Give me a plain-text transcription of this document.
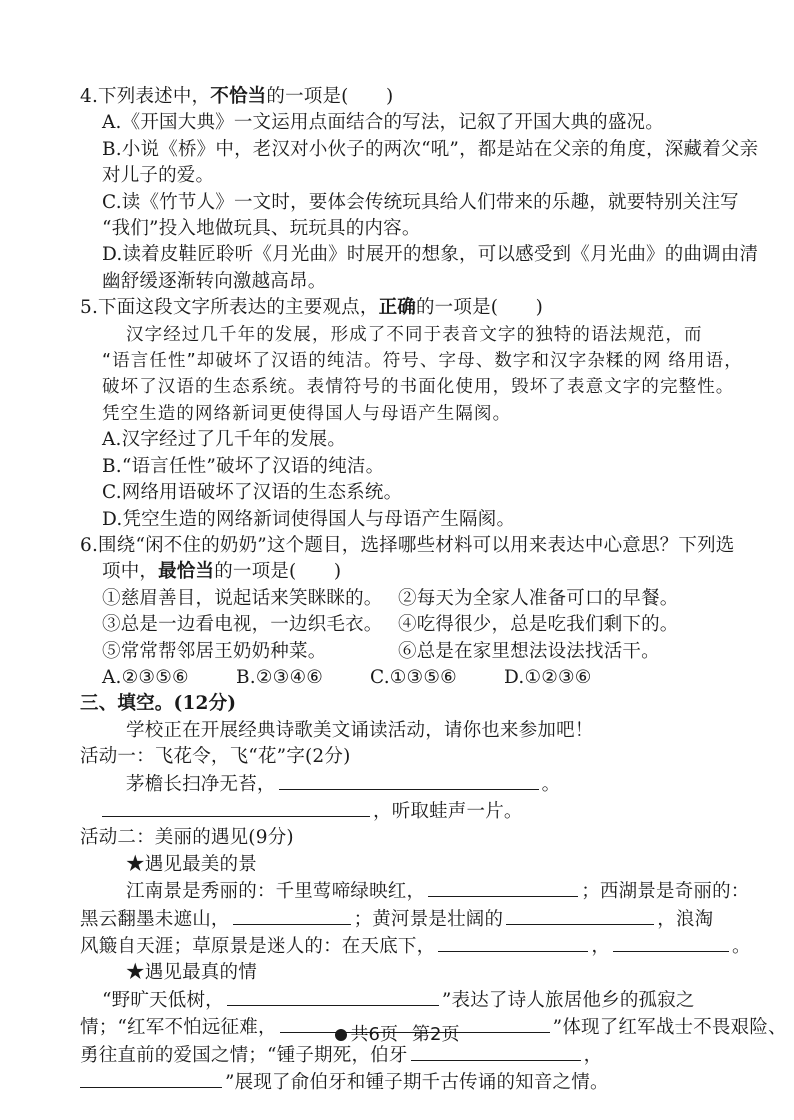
4.下列表述中，不恰当的一项是(　　)
A.《开国大典》一文运用点面结合的写法，记叙了开国大典的盛况。
B.小说《桥》中，老汉对小伙子的两次“吼”，都是站在父亲的角度，深藏着父亲
对儿子的爱。
C.读《竹节人》一文时，要体会传统玩具给人们带来的乐趣，就要特别关注写
“我们”投入地做玩具、玩玩具的内容。
D.读着皮鞋匠聆听《月光曲》时展开的想象，可以感受到《月光曲》的曲调由清
幽舒缓逐渐转向激越高昂。
5.下面这段文字所表达的主要观点，正确的一项是(　　)
汉字经过几千年的发展，形成了不同于表音文字的独特的语法规范，而
“语言任性”却破坏了汉语的纯洁。符号、字母、数字和汉字杂糅的网 络用语，
破坏了汉语的生态系统。表情符号的书面化使用，毁坏了表意文字的完整性。
凭空生造的网络新词更使得国人与母语产生隔阂。
A.汉字经过了几千年的发展。
B.“语言任性”破坏了汉语的纯洁。
C.网络用语破坏了汉语的生态系统。
D.凭空生造的网络新词使得国人与母语产生隔阂。
6.围绕“闲不住的奶奶”这个题目，选择哪些材料可以用来表达中心意思？下列选
项中，最恰当的一项是(　　)
①慈眉善目，说起话来笑眯眯的。 ②每天为全家人准备可口的早餐。
③总是一边看电视，一边织毛衣。 ④吃得很少，总是吃我们剩下的。
⑤常常帮邻居王奶奶种菜。	⑥总是在家里想法设法找活干。
A.②③⑤⑥	B.②③④⑥	C.①③⑤⑥	D.①②③⑥
三、填空。(12分)
学校正在开展经典诗歌美文诵读活动，请你也来参加吧！
活动一：飞花令，飞“花”字(2分)
茅檐长扫净无苔，	。
，听取蛙声一片。
活动二：美丽的遇见(9分)
★遇见最美的景
江南景是秀丽的：千里莺啼绿映红，	；西湖景是奇丽的：
黑云翻墨未遮山，	；黄河景是壮阔的	，浪淘
风簸自天涯；草原景是迷人的：在天底下，	，	。
★遇见最真的情
“野旷天低树，	”表达了诗人旅居他乡的孤寂之
情；“红军不怕远征难，	”体现了红军战士不畏艰险、
勇往直前的爱国之情；“锺子期死，伯牙	，
”展现了俞伯牙和锺子期千古传诵的知音之情。
共6页 第2页
